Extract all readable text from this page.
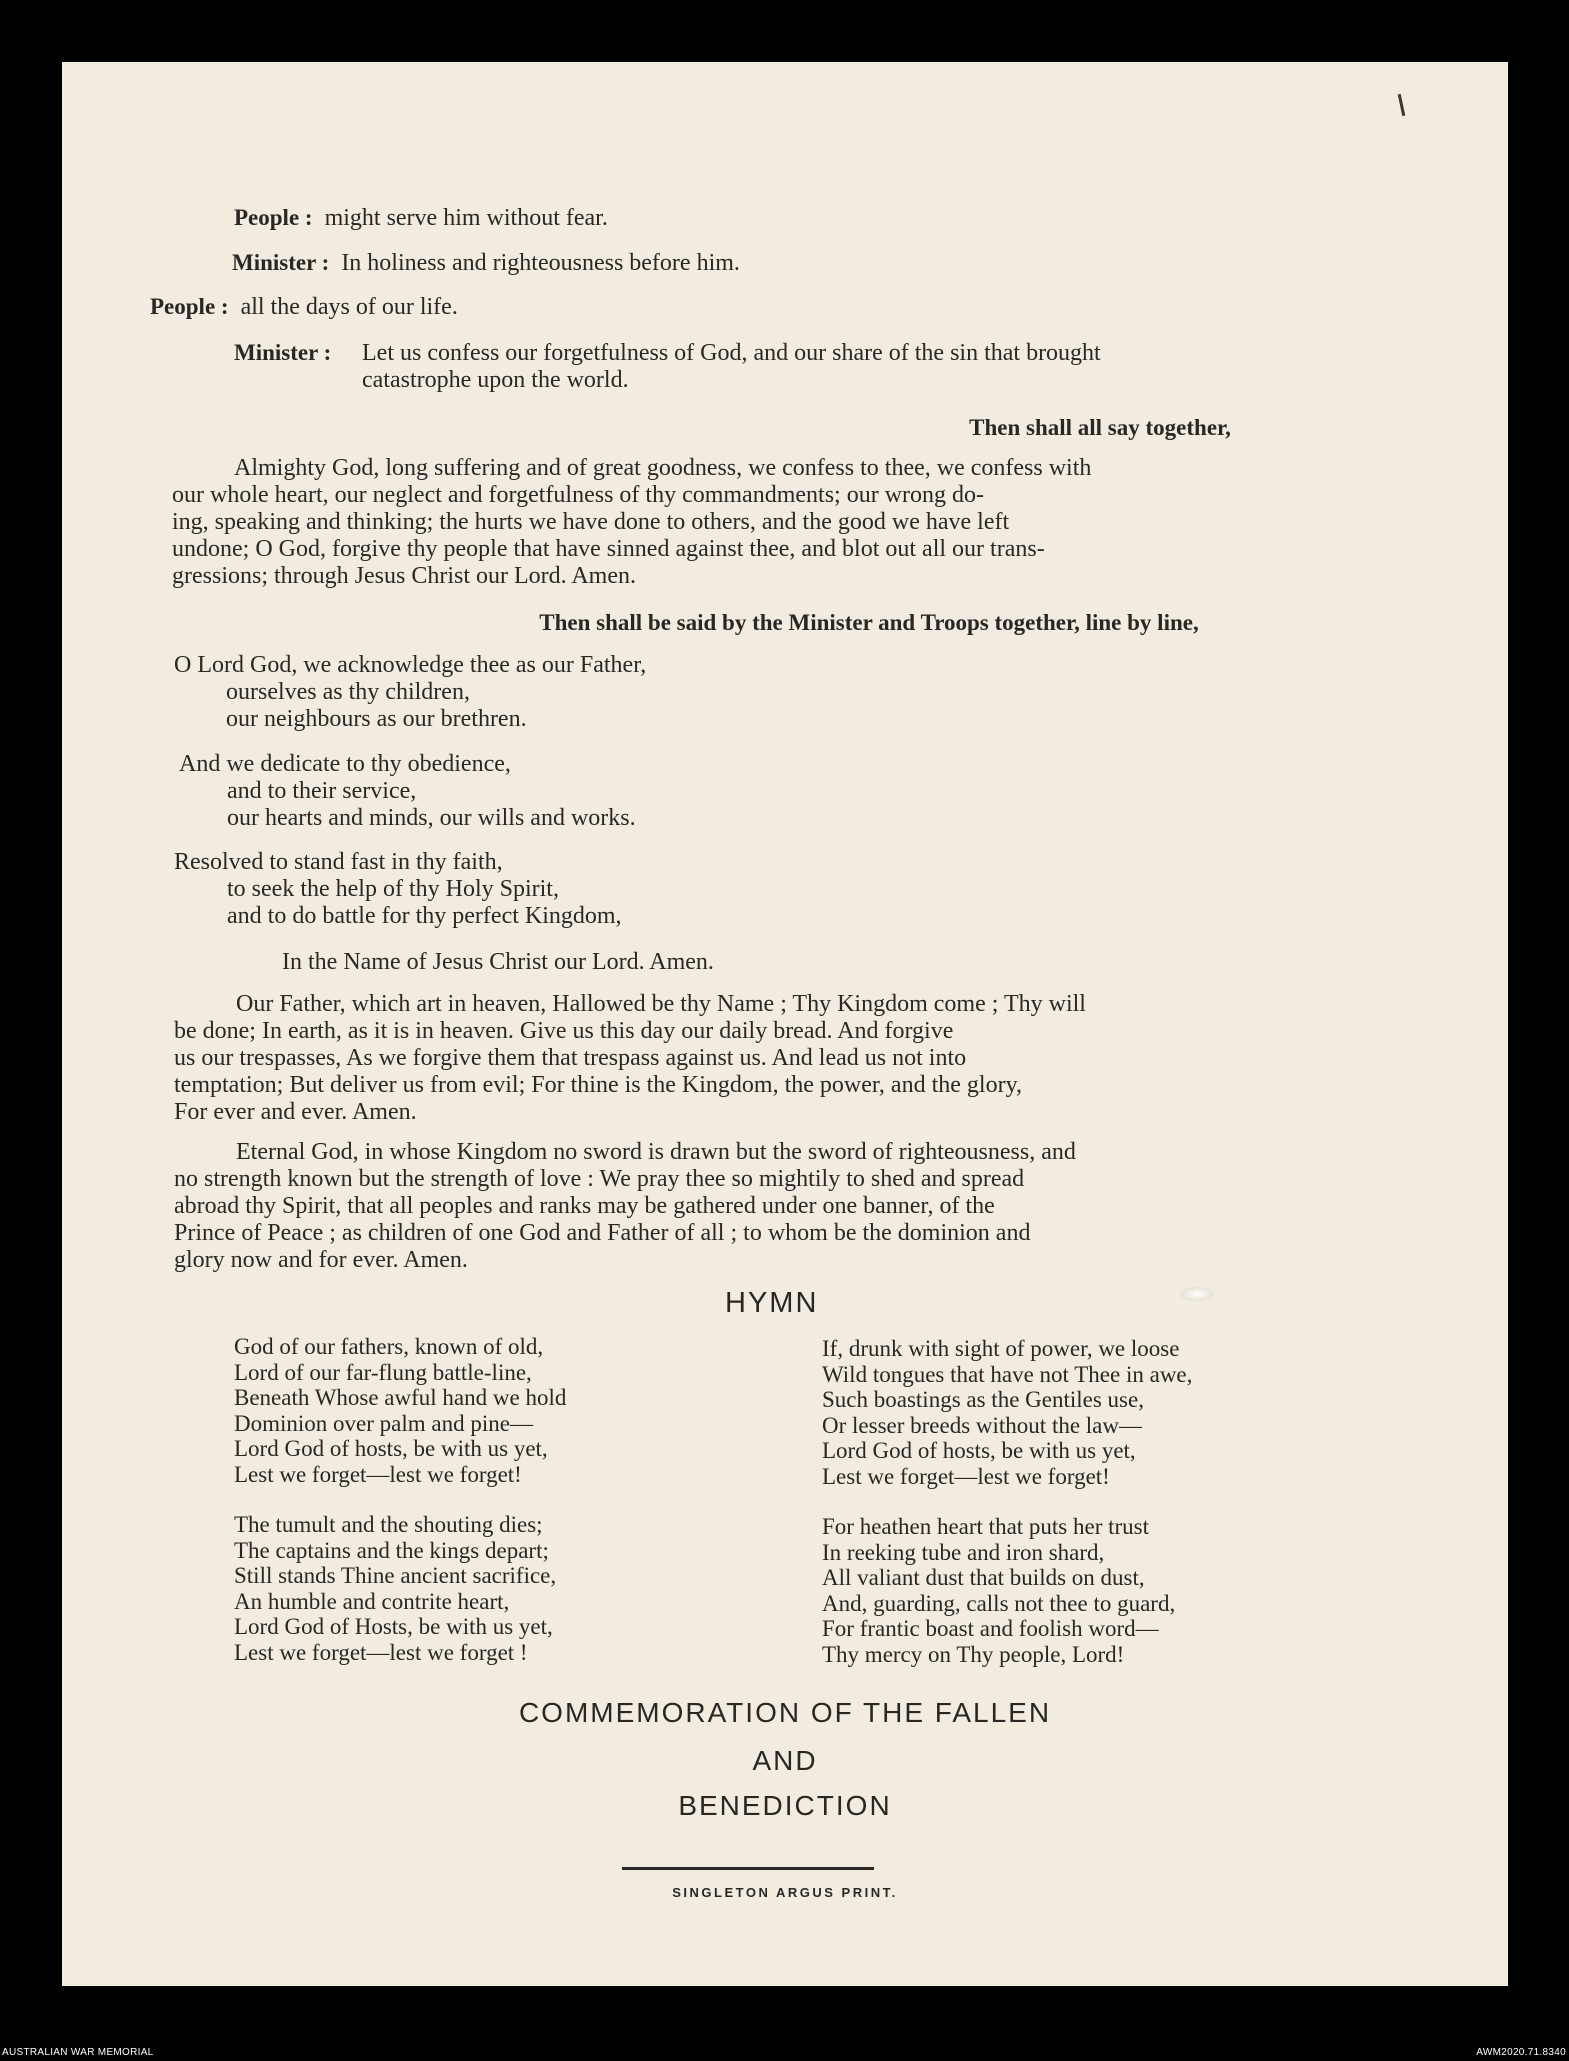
People : might serve him without fear.
Minister : In holiness and righteousness before him.
People : all the days of our life.
Minister : Let us confess our forgetfulness of God, and our share of the sin that brought
catastrophe upon the world.
Then shall all say together,
Almighty God, long suffering and of great goodness, we confess to thee, we confess with
our whole heart, our neglect and forgetfulness of thy commandments; our wrong do-
ing, speaking and thinking; the hurts we have done to others, and the good we have left
undone; O God, forgive thy people that have sinned against thee, and blot out all our trans-
gressions; through Jesus Christ our Lord. Amen.
Then shall be said by the Minister and Troops together, line by line,
O Lord God, we acknowledge thee as our Father,
ourselves as thy children,
our neighbours as our brethren.
And we dedicate to thy obedience,
and to their service,
our hearts and minds, our wills and works.
Resolved to stand fast in thy faith,
to seek the help of thy Holy Spirit,
and to do battle for thy perfect Kingdom,
In the Name of Jesus Christ our Lord. Amen.
Our Father, which art in heaven, Hallowed be thy Name ; Thy Kingdom come ; Thy will
be done; In earth, as it is in heaven. Give us this day our daily bread. And forgive
us our trespasses, As we forgive them that trespass against us. And lead us not into
temptation; But deliver us from evil; For thine is the Kingdom, the power, and the glory,
For ever and ever. Amen.
Eternal God, in whose Kingdom no sword is drawn but the sword of righteousness, and
no strength known but the strength of love : We pray thee so mightily to shed and spread
abroad thy Spirit, that all peoples and ranks may be gathered under one banner, of the
Prince of Peace ; as children of one God and Father of all ; to whom be the dominion and
glory now and for ever. Amen.
HYMN
God of our fathers, known of old,
Lord of our far-flung battle-line,
Beneath Whose awful hand we hold
Dominion over palm and pine—
Lord God of hosts, be with us yet,
Lest we forget—lest we forget!
The tumult and the shouting dies;
The captains and the kings depart;
Still stands Thine ancient sacrifice,
An humble and contrite heart,
Lord God of Hosts, be with us yet,
Lest we forget—lest we forget !
If, drunk with sight of power, we loose
Wild tongues that have not Thee in awe,
Such boastings as the Gentiles use,
Or lesser breeds without the law—
Lord God of hosts, be with us yet,
Lest we forget—lest we forget!
For heathen heart that puts her trust
In reeking tube and iron shard,
All valiant dust that builds on dust,
And, guarding, calls not thee to guard,
For frantic boast and foolish word—
Thy mercy on Thy people, Lord!
COMMEMORATION OF THE FALLEN
AND
BENEDICTION
SINGLETON ARGUS PRINT.
AUSTRALIAN WAR MEMORIAL	AWM2020.71.8340
